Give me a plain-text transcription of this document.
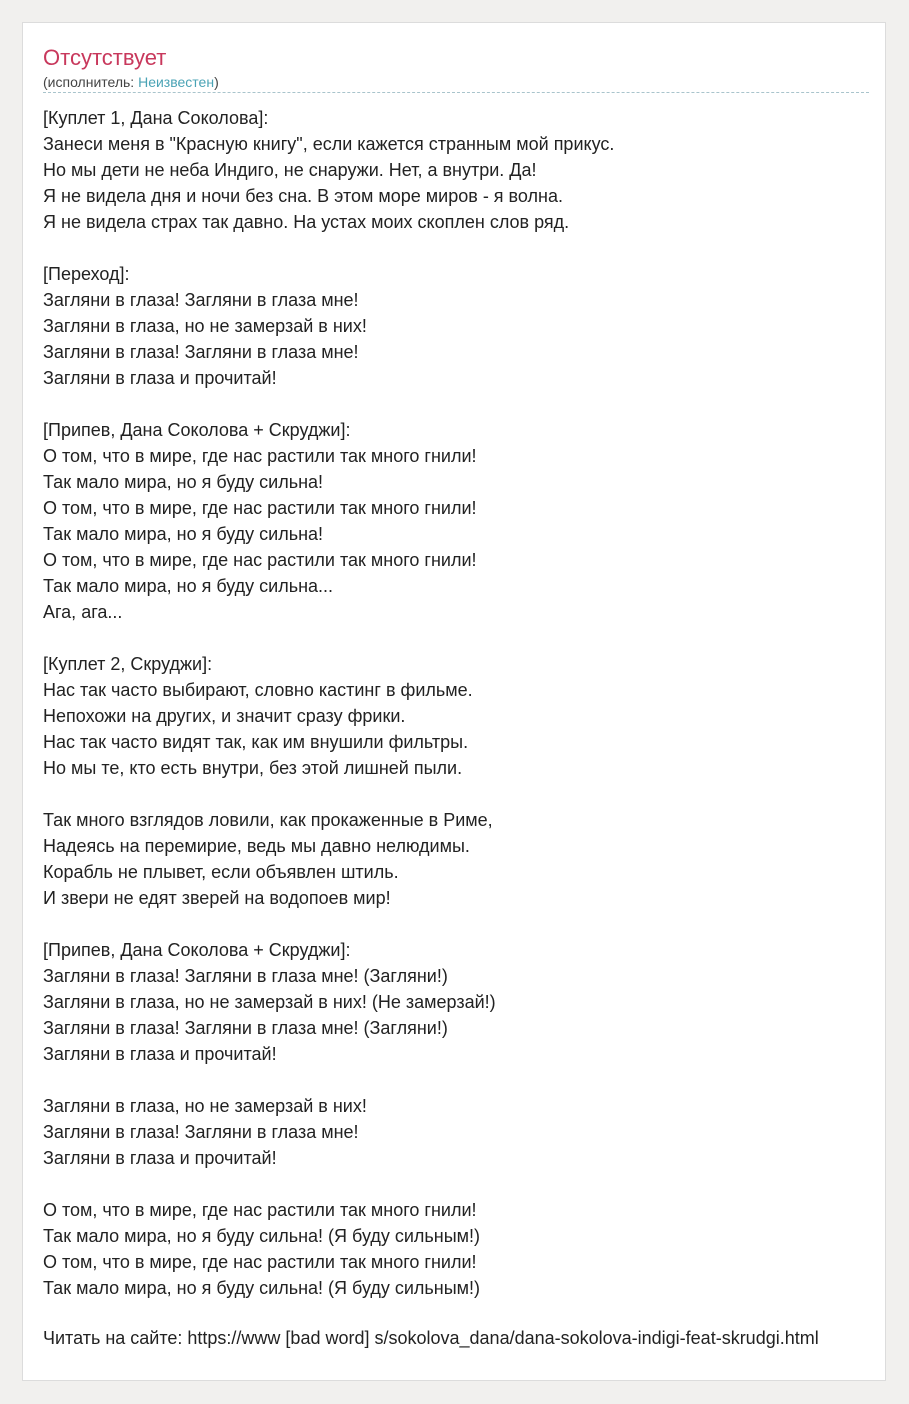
Отсутствует
(исполнитель: Неизвестен)
[Куплет 1, Дана Соколова]:
Занеси меня в "Красную книгу", если кажется странным мой прикус.
Но мы дети не неба Индиго, не снаружи. Нет, а внутри. Да!
Я не видела дня и ночи без сна. В этом море миров - я волна.
Я не видела страх так давно. На устах моих скоплен слов ряд.
[Переход]:
Загляни в глаза! Загляни в глаза мне!
Загляни в глаза, но не замерзай в них!
Загляни в глаза! Загляни в глаза мне!
Загляни в глаза и прочитай!
[Припев, Дана Соколова + Скруджи]:
О том, что в мире, где нас растили так много гнили!
Так мало мира, но я буду сильна!
О том, что в мире, где нас растили так много гнили!
Так мало мира, но я буду сильна!
О том, что в мире, где нас растили так много гнили!
Так мало мира, но я буду сильна...
Ага, ага...
[Куплет 2, Скруджи]:
Нас так часто выбирают, словно кастинг в фильме.
Непохожи на других, и значит сразу фрики.
Нас так часто видят так, как им внушили фильтры.
Но мы те, кто есть внутри, без этой лишней пыли.
Так много взглядов ловили, как прокаженные в Риме,
Надеясь на перемирие, ведь мы давно нелюдимы.
Корабль не плывет, если объявлен штиль.
И звери не едят зверей на водопоев мир!
[Припев, Дана Соколова + Скруджи]:
Загляни в глаза! Загляни в глаза мне! (Загляни!)
Загляни в глаза, но не замерзай в них! (Не замерзай!)
Загляни в глаза! Загляни в глаза мне! (Загляни!)
Загляни в глаза и прочитай!
Загляни в глаза, но не замерзай в них!
Загляни в глаза! Загляни в глаза мне!
Загляни в глаза и прочитай!
О том, что в мире, где нас растили так много гнили!
Так мало мира, но я буду сильна! (Я буду сильным!)
О том, что в мире, где нас растили так много гнили!
Так мало мира, но я буду сильна! (Я буду сильным!)
Читать на сайте: https://www [bad word] s/sokolova_dana/dana-sokolova-indigi-feat-skrudgi.html
